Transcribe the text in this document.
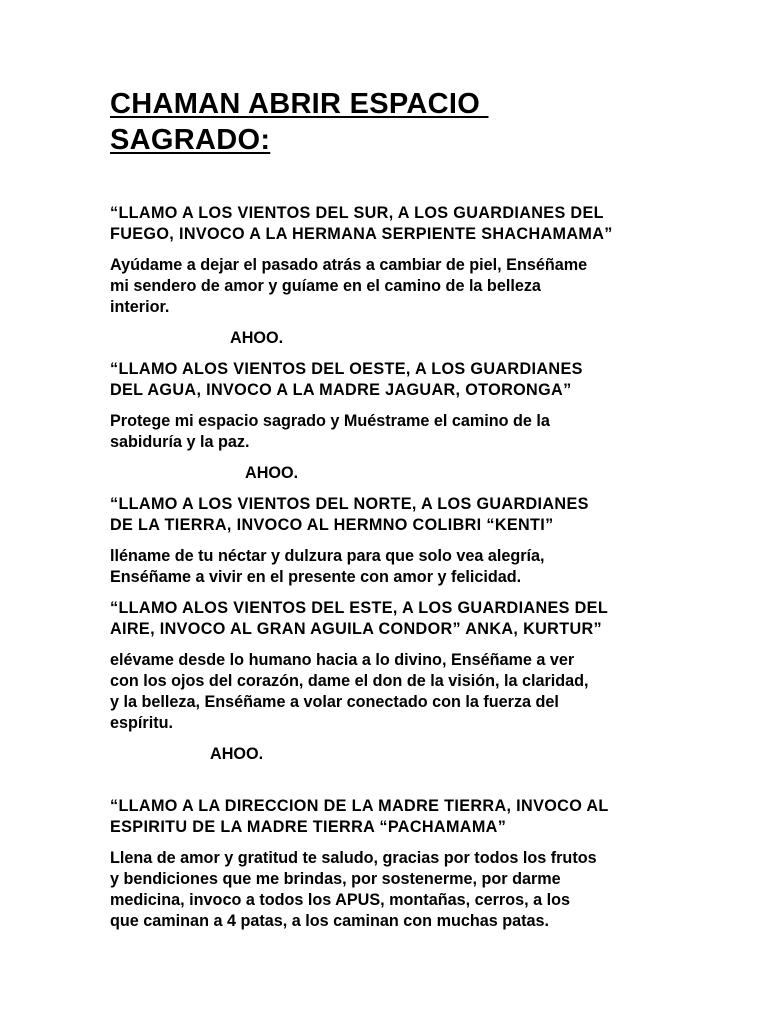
CHAMAN ABRIR ESPACIO
SAGRADO:

“LLAMO A LOS VIENTOS DEL SUR, A LOS GUARDIANES DEL
FUEGO, INVOCO A LA HERMANA SERPIENTE SHACHAMAMA”

Ayúdame a dejar el pasado atrás a cambiar de piel, Enséñame
mi sendero de amor y guíame en el camino de la belleza
interior.

AHOO.

“LLAMO ALOS VIENTOS DEL OESTE, A LOS GUARDIANES
DEL AGUA, INVOCO A LA MADRE JAGUAR, OTORONGA”

Protege mi espacio sagrado y Muéstrame el camino de la
sabiduría y la paz.

AHOO.

“LLAMO A LOS VIENTOS DEL NORTE, A LOS GUARDIANES
DE LA TIERRA, INVOCO AL HERMNO COLIBRI “KENTI”

lléname de tu néctar y dulzura para que solo vea alegría,
Enséñame a vivir en el presente con amor y felicidad.

“LLAMO ALOS VIENTOS DEL ESTE, A LOS GUARDIANES DEL
AIRE, INVOCO AL GRAN AGUILA CONDOR” ANKA, KURTUR”

elévame desde lo humano hacia a lo divino, Enséñame a ver
con los ojos del corazón, dame el don de la visión, la claridad,
y la belleza, Enséñame a volar conectado con la fuerza del
espíritu.

AHOO.

“LLAMO A LA DIRECCION DE LA MADRE TIERRA, INVOCO AL
ESPIRITU DE LA MADRE TIERRA “PACHAMAMA”

Llena de amor y gratitud te saludo, gracias por todos los frutos
y bendiciones que me brindas, por sostenerme, por darme
medicina, invoco a todos los APUS, montañas, cerros, a los
que caminan a 4 patas, a los caminan con muchas patas.
